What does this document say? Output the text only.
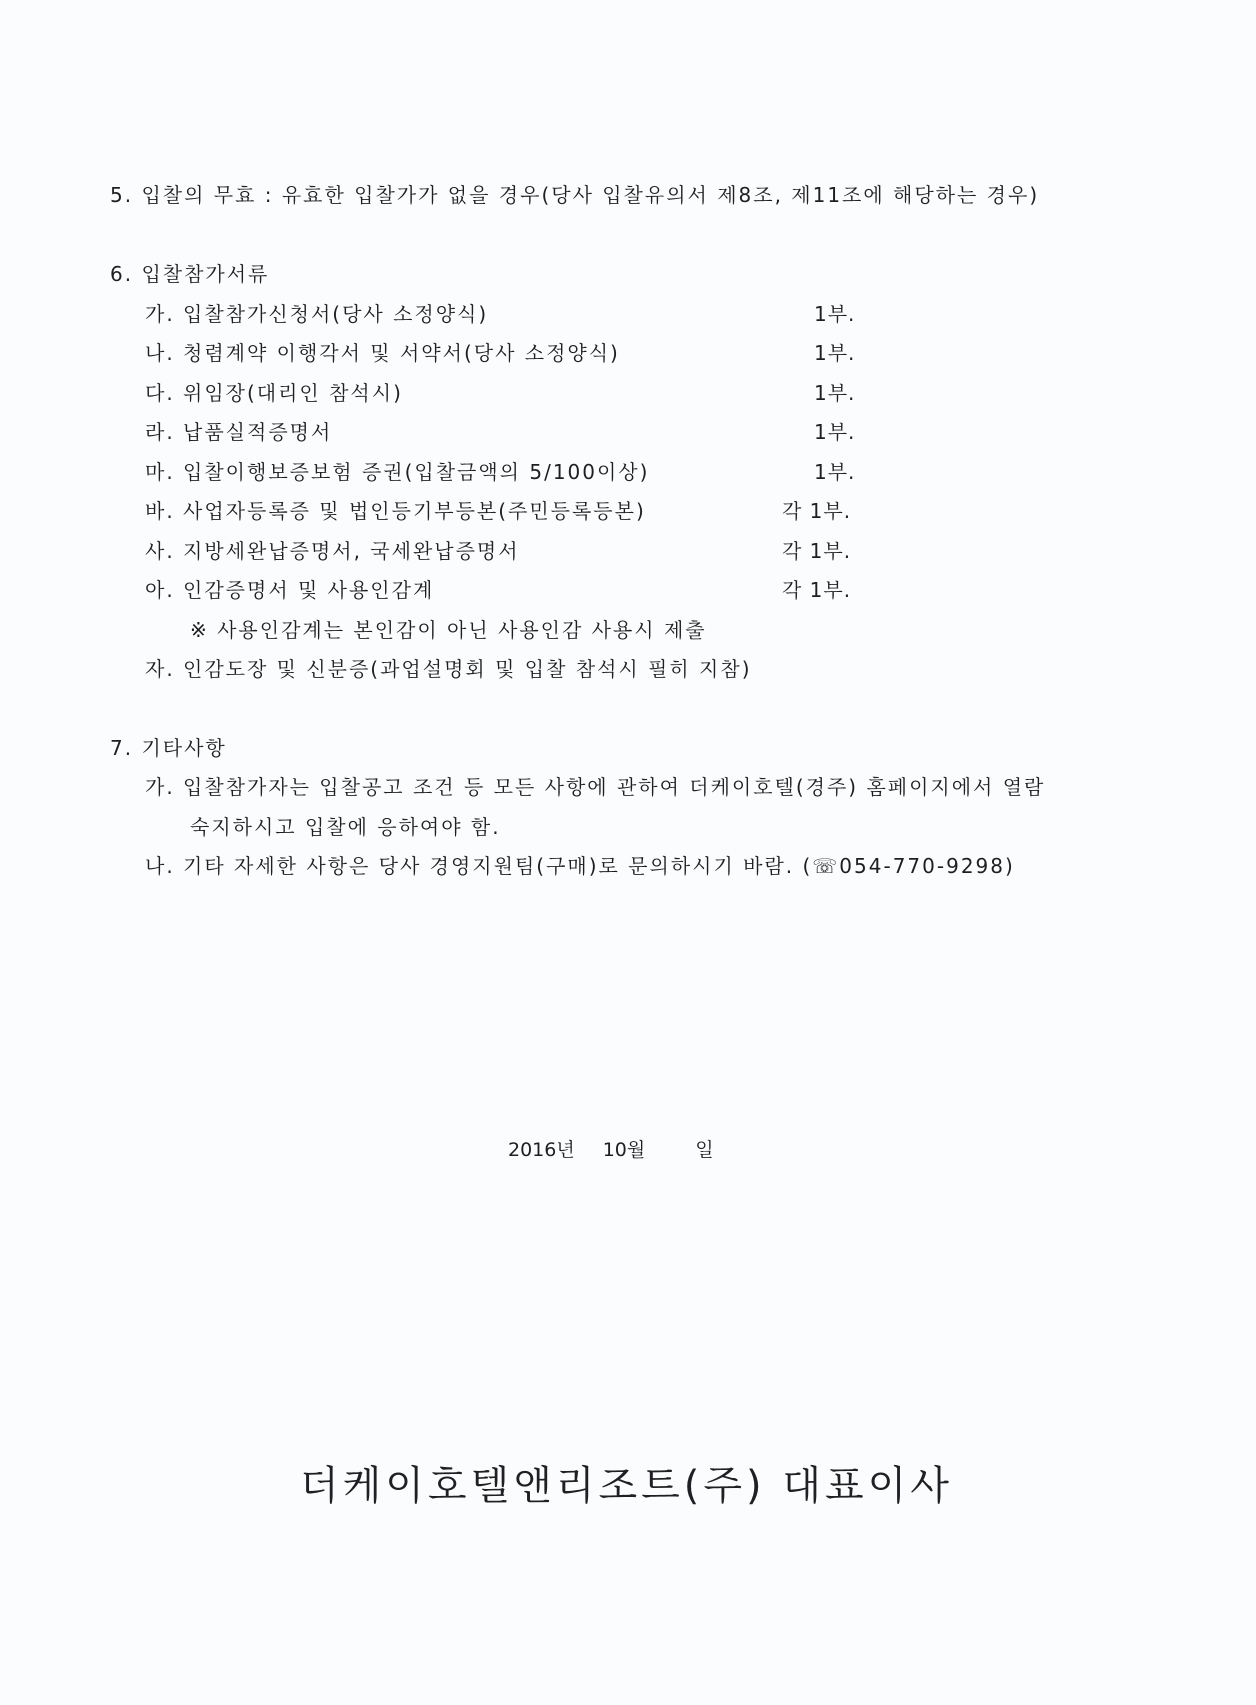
5. 입찰의 무효 : 유효한 입찰가가 없을 경우(당사 입찰유의서 제8조, 제11조에 해당하는 경우)
6. 입찰참가서류
가. 입찰참가신청서(당사 소정양식)	1부.
나. 청렴계약 이행각서 및 서약서(당사 소정양식)	1부.
다. 위임장(대리인 참석시)	1부.
라. 납품실적증명서	1부.
마. 입찰이행보증보험 증권(입찰금액의 5/100이상)	1부.
바. 사업자등록증 및 법인등기부등본(주민등록등본)	각 1부.
사. 지방세완납증명서, 국세완납증명서	각 1부.
아. 인감증명서 및 사용인감계	각 1부.
※ 사용인감계는 본인감이 아닌 사용인감 사용시 제출
자. 인감도장 및 신분증(과업설명회 및 입찰 참석시 필히 지참)
7. 기타사항
가. 입찰참가자는 입찰공고 조건 등 모든 사항에 관하여 더케이호텔(경주) 홈페이지에서 열람
숙지하시고 입찰에 응하여야 함.
나. 기타 자세한 사항은 당사 경영지원팀(구매)로 문의하시기 바람. (☏054-770-9298)
2016년 10월	일
더케이호텔앤리조트(주) 대표이사
